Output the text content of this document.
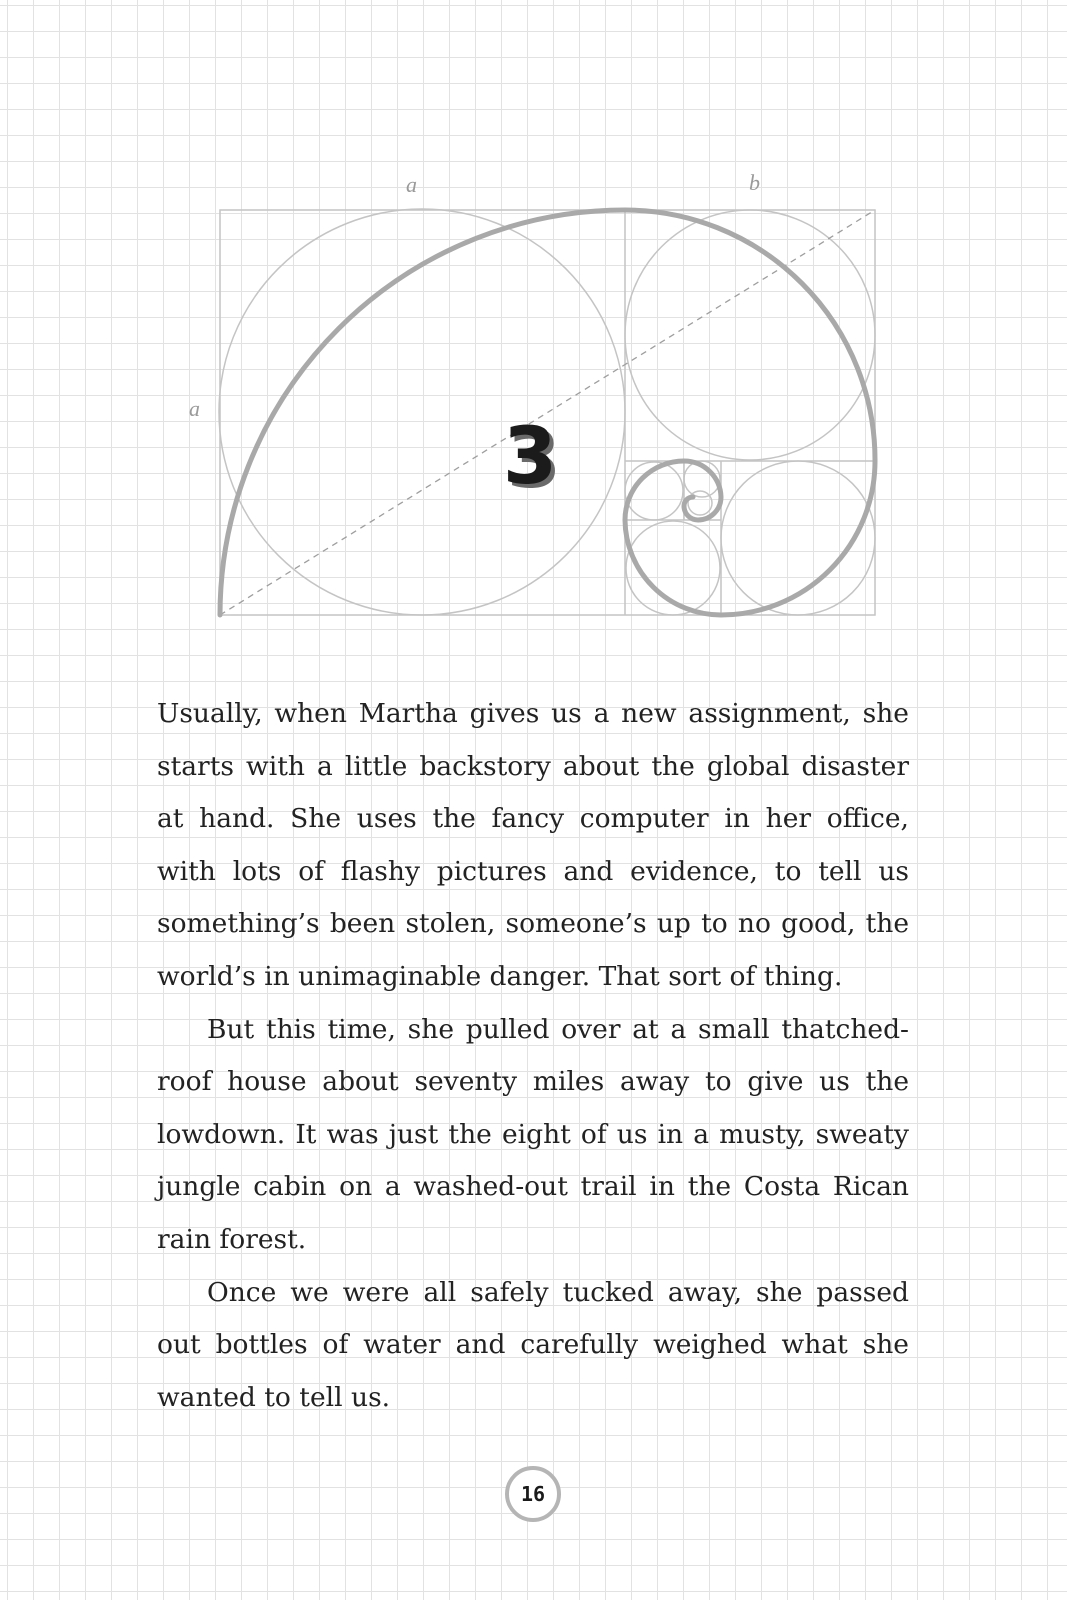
a	b
a
3

Usually, when Martha gives us a new assignment, she starts with a little backstory about the global disaster at hand. She uses the fancy computer in her office, with lots of flashy pictures and evidence, to tell us something’s been stolen, someone’s up to no good, the world’s in unimaginable danger. That sort of thing.

But this time, she pulled over at a small thatched-roof house about seventy miles away to give us the lowdown. It was just the eight of us in a musty, sweaty jungle cabin on a washed-out trail in the Costa Rican rain forest.

Once we were all safely tucked away, she passed out bottles of water and carefully weighed what she wanted to tell us.

16
